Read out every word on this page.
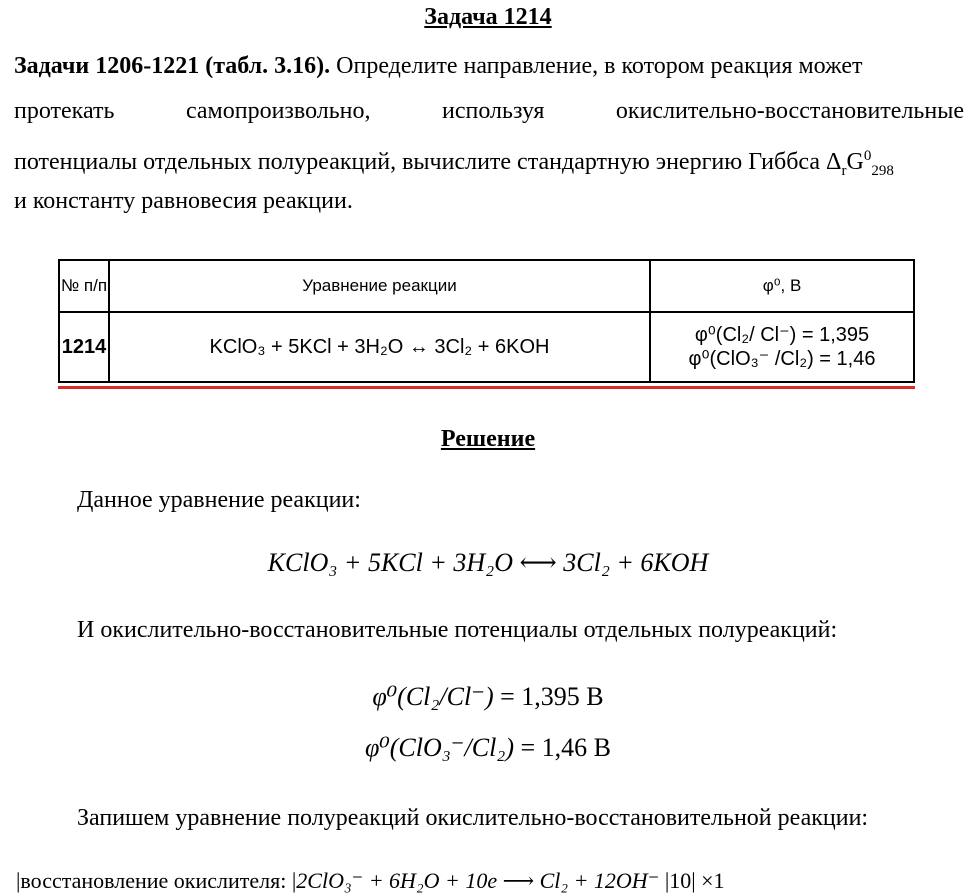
Задача 1214
Задачи 1206-1221 (табл. 3.16). Определите направление, в котором реакция может
протекать самопроизвольно, используя окислительно-восстановительные
потенциалы отдельных полуреакций, вычислите стандартную энергию Гиббса $\Delta_rG^0_{298}$
и константу равновесия реакции.
№ п/п	Уравнение реакции	φ⁰, В
1214	KClO₃ + 5KCl + 3H₂O ↔ 3Cl₂ + 6KOH	φ⁰(Cl₂/ Cl⁻) = 1,395
φ⁰(ClO₃⁻ /Cl₂) = 1,46
Решение
Данное уравнение реакции:
KClO₃ + 5KCl + 3H₂O ⟷ 3Cl₂ + 6KOH
И окислительно-восстановительные потенциалы отдельных полуреакций:
φ⁰(Cl₂/Cl⁻) = 1,395 В
φ⁰(ClO₃⁻/Cl₂) = 1,46 В
Запишем уравнение полуреакций окислительно-восстановительной реакции:
|восстановление окислителя: |2ClO₃⁻ + 6H₂O + 10e ⟶ Cl₂ + 12OH⁻ |10| ×1
